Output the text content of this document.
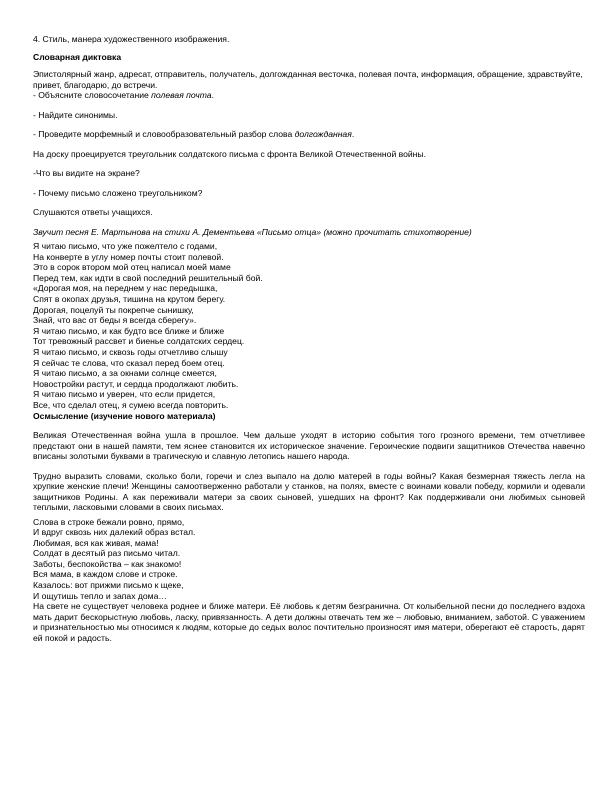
4. Стиль, манера художественного изображения.

Словарная диктовка

Эпистолярный жанр, адресат, отправитель, получатель, долгожданная весточка, полевая почта, информация, обращение, здравствуйте, привет, благодарю, до встречи.

- Объясните словосочетание полевая почта.

- Найдите синонимы.

- Проведите морфемный и словообразовательный разбор слова долгожданная.

На доску проецируется треугольник солдатского письма с фронта Великой Отечественной войны.

-Что вы видите на экране?

- Почему письмо сложено треугольником?

Слушаются ответы учащихся.

Звучит песня Е. Мартынова на стихи А. Дементьева «Письмо отца» (можно прочитать стихотворение)

Я читаю письмо, что уже пожелтело с годами,

На конверте в углу номер почты стоит полевой.

Это в сорок втором мой отец написал моей маме

Перед тем, как идти в свой последний решительный бой.

«Дорогая моя, на переднем у нас передышка,

Спят в окопах друзья, тишина на крутом берегу.

Дорогая, поцелуй ты покрепче сынишку,

Знай, что вас от беды я всегда сберегу».

Я читаю письмо, и как будто все ближе и ближе

Тот тревожный рассвет и биенье солдатских сердец.

Я читаю письмо, и сквозь годы отчетливо слышу

Я сейчас те слова, что сказал перед боем отец.

Я читаю письмо, а за окнами солнце смеется,

Новостройки растут, и сердца продолжают любить.

Я читаю письмо и уверен, что если придется,

Все, что сделал отец, я сумею всегда повторить.

Осмысление (изучение нового материала)

Великая Отечественная война ушла в прошлое. Чем дальше уходят в историю события того грозного времени, тем отчетливее предстают они в нашей памяти, тем яснее становится их историческое значение. Героические подвиги защитников Отечества навечно вписаны золотыми буквами в трагическую и славную летопись нашего народа.

Трудно выразить словами, сколько боли, горечи и слез выпало на долю матерей в годы войны? Какая безмерная тяжесть легла на хрупкие женские плечи! Женщины самоотверженно работали у станков, на полях, вместе с воинами ковали победу, кормили и одевали защитников Родины. А как переживали матери за своих сыновей, ушедших на фронт? Как поддерживали они любимых сыновей теплыми, ласковыми словами в своих письмах.

Слова в строке бежали ровно, прямо,

И вдруг сквозь них далекий образ встал.

Любимая, вся как живая, мама!

Солдат в десятый раз письмо читал.

Заботы, беспокойства – как знакомо!

Вся мама, в каждом слове и строке.

Казалось: вот прижми письмо к щеке,

И ощутишь тепло и запах дома…

На свете не существует человека роднее и ближе матери. Её любовь к детям безгранична. От колыбельной песни до последнего вздоха мать дарит бескорыстную любовь, ласку, привязанность. А дети должны отвечать тем же – любовью, вниманием, заботой. С уважением и признательностью мы относимся к людям, которые до седых волос почтительно произносят имя матери, оберегают её старость, дарят ей покой и радость.
